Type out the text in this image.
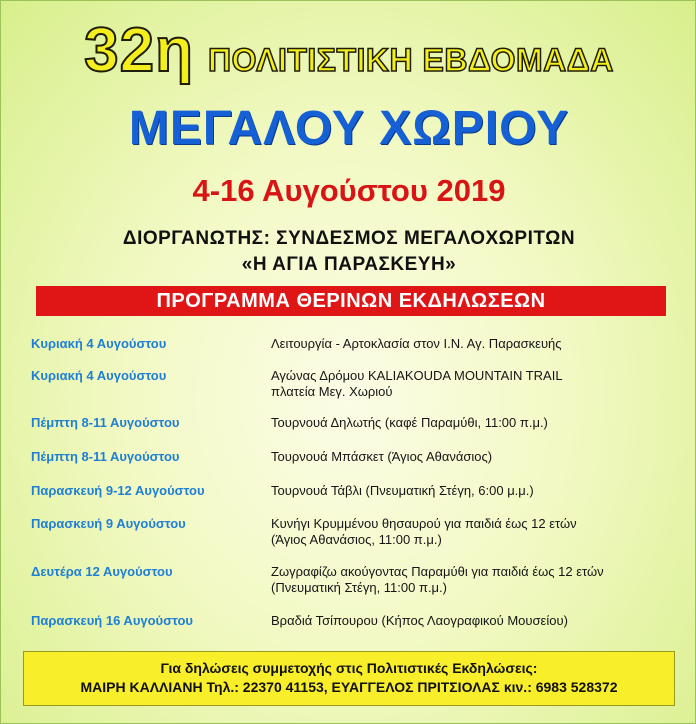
32η ΠΟΛΙΤΙΣΤΙΚΗ ΕΒΔΟΜΑΔΑ
ΜΕΓΑΛΟΥ ΧΩΡΙΟΥ
4-16 Αυγούστου 2019
ΔΙΟΡΓΑΝΩΤΗΣ: ΣΥΝΔΕΣΜΟΣ ΜΕΓΑΛΟΧΩΡΙΤΩΝ
«Η ΑΓΙΑ ΠΑΡΑΣΚΕΥΗ»
ΠΡΟΓΡΑΜΜΑ ΘΕΡΙΝΩΝ ΕΚΔΗΛΩΣΕΩΝ
Κυριακή 4 Αυγούστου	Λειτουργία - Αρτοκλασία στον Ι.Ν. Αγ. Παρασκευής
Κυριακή 4 Αυγούστου	Αγώνας Δρόμου KALIAKOUDA MOUNTAIN TRAIL
πλατεία Μεγ. Χωριού
Πέμπτη 8-11 Αυγούστου	Τουρνουά Δηλωτής (καφέ Παραμύθι, 11:00 π.μ.)
Πέμπτη 8-11 Αυγούστου	Τουρνουά Μπάσκετ (Άγιος Αθανάσιος)
Παρασκευή 9-12 Αυγούστου	Τουρνουά Τάβλι (Πνευματική Στέγη, 6:00 μ.μ.)
Παρασκευή 9 Αυγούστου	Κυνήγι Κρυμμένου θησαυρού για παιδιά έως 12 ετών
(Άγιος Αθανάσιος, 11:00 π.μ.)
Δευτέρα 12 Αυγούστου	Ζωγραφίζω ακούγοντας Παραμύθι για παιδιά έως 12 ετών
(Πνευματική Στέγη, 11:00 π.μ.)
Παρασκευή 16 Αυγούστου	Βραδιά Τσίπουρου (Κήπος Λαογραφικού Μουσείου)
Για δηλώσεις συμμετοχής στις Πολιτιστικές Εκδηλώσεις:
ΜΑΙΡΗ ΚΑΛΛΙΑΝΗ Τηλ.: 22370 41153, ΕΥΑΓΓΕΛΟΣ ΠΡΙΤΣΙΟΛΑΣ κιν.: 6983 528372
